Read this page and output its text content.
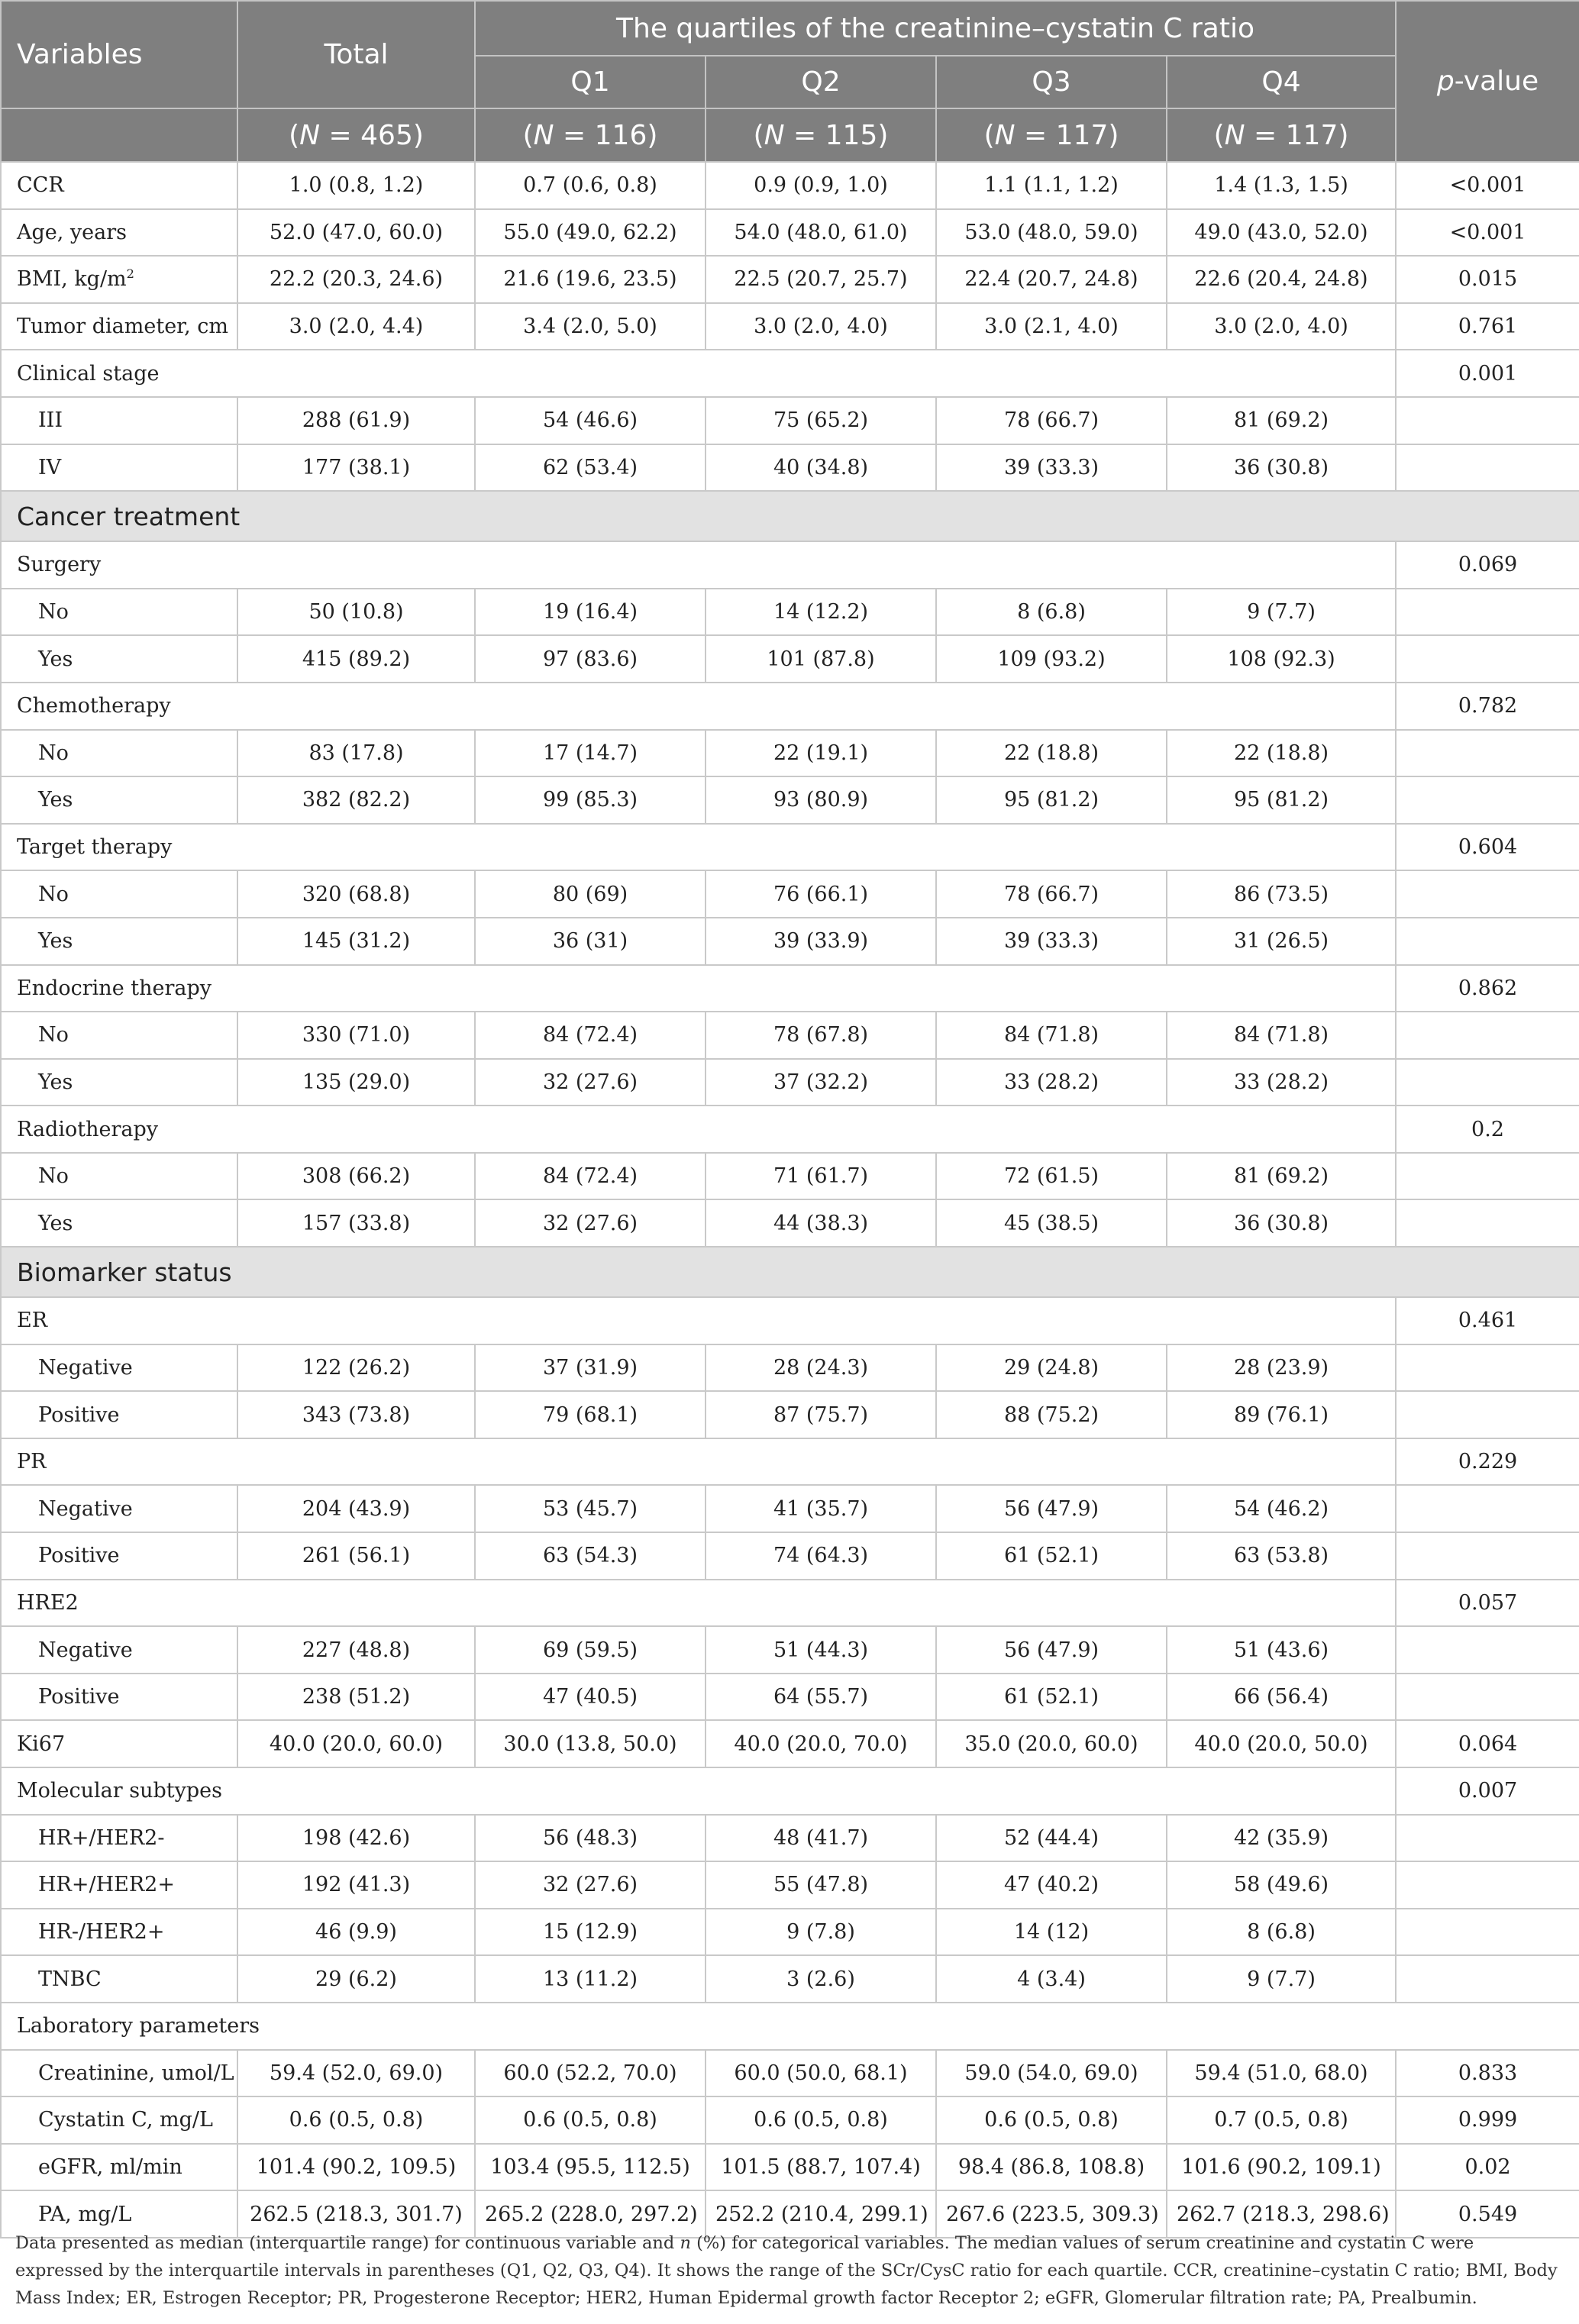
Variables	Total	The quartiles of the creatinine–cystatin C ratio				p-value
		Q1	Q2	Q3	Q4	
	(N = 465)	(N = 116)	(N = 115)	(N = 117)	(N = 117)	
CCR	1.0 (0.8, 1.2)	0.7 (0.6, 0.8)	0.9 (0.9, 1.0)	1.1 (1.1, 1.2)	1.4 (1.3, 1.5)	<0.001
Age, years	52.0 (47.0, 60.0)	55.0 (49.0, 62.2)	54.0 (48.0, 61.0)	53.0 (48.0, 59.0)	49.0 (43.0, 52.0)	<0.001
BMI, $kg/m^2$	22.2 (20.3, 24.6)	21.6 (19.6, 23.5)	22.5 (20.7, 25.7)	22.4 (20.7, 24.8)	22.6 (20.4, 24.8)	0.015
Tumor diameter, cm	3.0 (2.0, 4.4)	3.4 (2.0, 5.0)	3.0 (2.0, 4.0)	3.0 (2.1, 4.0)	3.0 (2.0, 4.0)	0.761
Clinical stage						0.001
III	288 (61.9)	54 (46.6)	75 (65.2)	78 (66.7)	81 (69.2)	
IV	177 (38.1)	62 (53.4)	40 (34.8)	39 (33.3)	36 (30.8)	
Cancer treatment						
Surgery						0.069
No	50 (10.8)	19 (16.4)	14 (12.2)	8 (6.8)	9 (7.7)	
Yes	415 (89.2)	97 (83.6)	101 (87.8)	109 (93.2)	108 (92.3)	
Chemotherapy						0.782
No	83 (17.8)	17 (14.7)	22 (19.1)	22 (18.8)	22 (18.8)	
Yes	382 (82.2)	99 (85.3)	93 (80.9)	95 (81.2)	95 (81.2)	
Target therapy						0.604
No	320 (68.8)	80 (69)	76 (66.1)	78 (66.7)	86 (73.5)	
Yes	145 (31.2)	36 (31)	39 (33.9)	39 (33.3)	31 (26.5)	
Endocrine therapy						0.862
No	330 (71.0)	84 (72.4)	78 (67.8)	84 (71.8)	84 (71.8)	
Yes	135 (29.0)	32 (27.6)	37 (32.2)	33 (28.2)	33 (28.2)	
Radiotherapy						0.2
No	308 (66.2)	84 (72.4)	71 (61.7)	72 (61.5)	81 (69.2)	
Yes	157 (33.8)	32 (27.6)	44 (38.3)	45 (38.5)	36 (30.8)	
Biomarker status						
ER						0.461
Negative	122 (26.2)	37 (31.9)	28 (24.3)	29 (24.8)	28 (23.9)	
Positive	343 (73.8)	79 (68.1)	87 (75.7)	88 (75.2)	89 (76.1)	
PR						0.229
Negative	204 (43.9)	53 (45.7)	41 (35.7)	56 (47.9)	54 (46.2)	
Positive	261 (56.1)	63 (54.3)	74 (64.3)	61 (52.1)	63 (53.8)	
HRE2						0.057
Negative	227 (48.8)	69 (59.5)	51 (44.3)	56 (47.9)	51 (43.6)	
Positive	238 (51.2)	47 (40.5)	64 (55.7)	61 (52.1)	66 (56.4)	
Ki67	40.0 (20.0, 60.0)	30.0 (13.8, 50.0)	40.0 (20.0, 70.0)	35.0 (20.0, 60.0)	40.0 (20.0, 50.0)	0.064
Molecular subtypes						0.007
HR+/HER2-	198 (42.6)	56 (48.3)	48 (41.7)	52 (44.4)	42 (35.9)	
HR+/HER2+	192 (41.3)	32 (27.6)	55 (47.8)	47 (40.2)	58 (49.6)	
HR-/HER2+	46 (9.9)	15 (12.9)	9 (7.8)	14 (12)	8 (6.8)	
TNBC	29 (6.2)	13 (11.2)	3 (2.6)	4 (3.4)	9 (7.7)	
Laboratory parameters						
Creatinine, umol/L	59.4 (52.0, 69.0)	60.0 (52.2, 70.0)	60.0 (50.0, 68.1)	59.0 (54.0, 69.0)	59.4 (51.0, 68.0)	0.833
Cystatin C, mg/L	0.6 (0.5, 0.8)	0.6 (0.5, 0.8)	0.6 (0.5, 0.8)	0.6 (0.5, 0.8)	0.7 (0.5, 0.8)	0.999
eGFR, ml/min	101.4 (90.2, 109.5)	103.4 (95.5, 112.5)	101.5 (88.7, 107.4)	98.4 (86.8, 108.8)	101.6 (90.2, 109.1)	0.02
PA, mg/L	262.5 (218.3, 301.7)	265.2 (228.0, 297.2)	252.2 (210.4, 299.1)	267.6 (223.5, 309.3)	262.7 (218.3, 298.6)	0.549
Data presented as median (interquartile range) for continuous variable and n (%) for categorical variables. The median values of serum creatinine and cystatin C were expressed by the interquartile intervals in parentheses (Q1, Q2, Q3, Q4). It shows the range of the SCr/CysC ratio for each quartile. CCR, creatinine–cystatin C ratio; BMI, Body Mass Index; ER, Estrogen Receptor; PR, Progesterone Receptor; HER2, Human Epidermal growth factor Receptor 2; eGFR, Glomerular filtration rate; PA, Prealbumin.
